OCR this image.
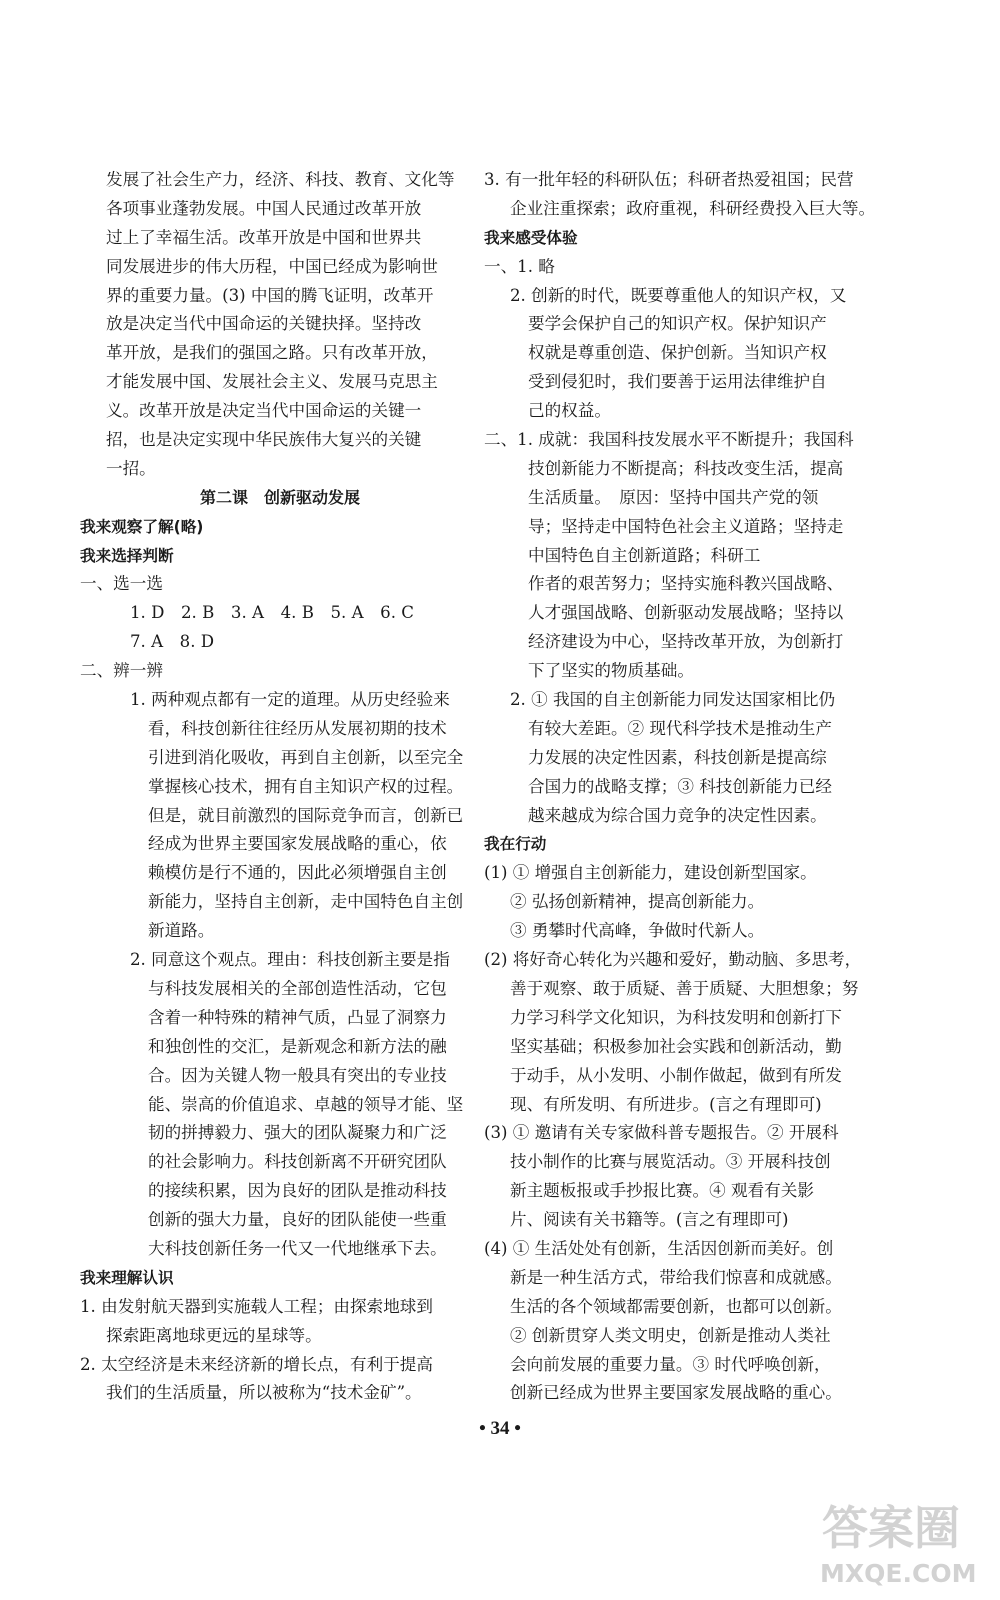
发展了社会生产力，经济、科技、教育、文化等
各项事业蓬勃发展。中国人民通过改革开放
过上了幸福生活。改革开放是中国和世界共
同发展进步的伟大历程，中国已经成为影响世
界的重要力量。(3) 中国的腾飞证明，改革开
放是决定当代中国命运的关键抉择。坚持改
革开放，是我们的强国之路。只有改革开放，
才能发展中国、发展社会主义、发展马克思主
义。改革开放是决定当代中国命运的关键一
招，也是决定实现中华民族伟大复兴的关键
一招。
第二课　创新驱动发展
我来观察了解(略)
我来选择判断
一、选一选
1. D　2. B　3. A　4. B　5. A　6. C
7. A　8. D
二、辨一辨
1. 两种观点都有一定的道理。从历史经验来
看，科技创新往往经历从发展初期的技术
引进到消化吸收，再到自主创新，以至完全
掌握核心技术，拥有自主知识产权的过程。
但是，就目前激烈的国际竞争而言，创新已
经成为世界主要国家发展战略的重心，依
赖模仿是行不通的，因此必须增强自主创
新能力，坚持自主创新，走中国特色自主创
新道路。
2. 同意这个观点。理由：科技创新主要是指
与科技发展相关的全部创造性活动，它包
含着一种特殊的精神气质，凸显了洞察力
和独创性的交汇，是新观念和新方法的融
合。因为关键人物一般具有突出的专业技
能、崇高的价值追求、卓越的领导才能、坚
韧的拼搏毅力、强大的团队凝聚力和广泛
的社会影响力。科技创新离不开研究团队
的接续积累，因为良好的团队是推动科技
创新的强大力量，良好的团队能使一些重
大科技创新任务一代又一代地继承下去。
我来理解认识
1. 由发射航天器到实施载人工程；由探索地球到
探索距离地球更远的星球等。
2. 太空经济是未来经济新的增长点，有利于提高
我们的生活质量，所以被称为“技术金矿”。
3. 有一批年轻的科研队伍；科研者热爱祖国；民营
企业注重探索；政府重视，科研经费投入巨大等。
我来感受体验
一、1. 略
2. 创新的时代，既要尊重他人的知识产权，又
要学会保护自己的知识产权。保护知识产
权就是尊重创造、保护创新。当知识产权
受到侵犯时，我们要善于运用法律维护自
己的权益。
二、1. 成就：我国科技发展水平不断提升；我国科
技创新能力不断提高；科技改变生活，提高
生活质量。　原因：坚持中国共产党的领
导；坚持走中国特色社会主义道路；坚持走
中国特色自主创新道路；科研工
作者的艰苦努力；坚持实施科教兴国战略、
人才强国战略、创新驱动发展战略；坚持以
经济建设为中心，坚持改革开放，为创新打
下了坚实的物质基础。
2. ① 我国的自主创新能力同发达国家相比仍
有较大差距。② 现代科学技术是推动生产
力发展的决定性因素，科技创新是提高综
合国力的战略支撑；③ 科技创新能力已经
越来越成为综合国力竞争的决定性因素。
我在行动
(1) ① 增强自主创新能力，建设创新型国家。
② 弘扬创新精神，提高创新能力。
③ 勇攀时代高峰，争做时代新人。
(2) 将好奇心转化为兴趣和爱好，勤动脑、多思考，
善于观察、敢于质疑、善于质疑、大胆想象；努
力学习科学文化知识，为科技发明和创新打下
坚实基础；积极参加社会实践和创新活动，勤
于动手，从小发明、小制作做起，做到有所发
现、有所发明、有所进步。(言之有理即可)
(3) ① 邀请有关专家做科普专题报告。② 开展科
技小制作的比赛与展览活动。③ 开展科技创
新主题板报或手抄报比赛。④ 观看有关影
片、阅读有关书籍等。(言之有理即可)
(4) ① 生活处处有创新，生活因创新而美好。创
新是一种生活方式，带给我们惊喜和成就感。
生活的各个领域都需要创新，也都可以创新。
② 创新贯穿人类文明史，创新是推动人类社
会向前发展的重要力量。③ 时代呼唤创新，
创新已经成为世界主要国家发展战略的重心。
• 34 •
答案圈
MXQE.COM
